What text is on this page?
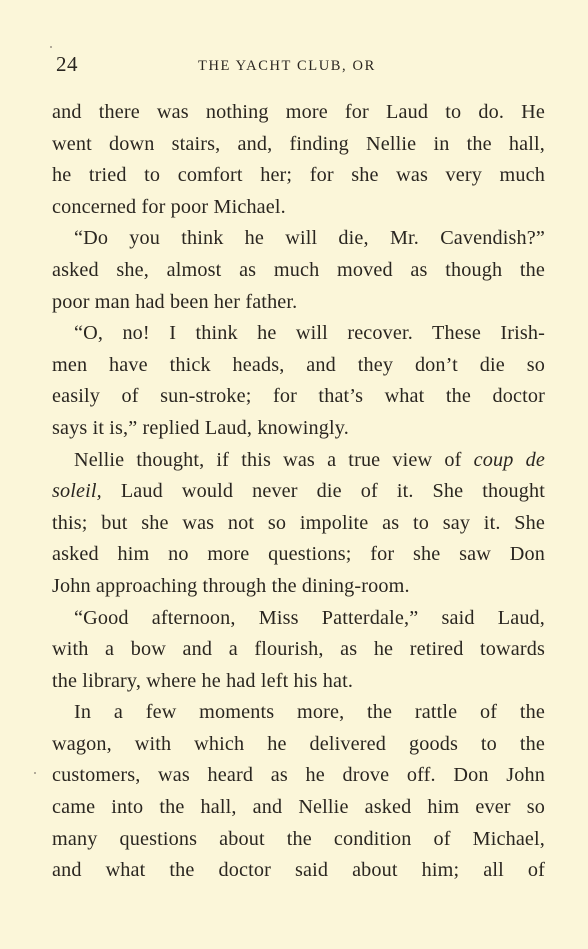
24	THE YACHT CLUB, OR
and there was nothing more for Laud to do. He
went down stairs, and, finding Nellie in the hall,
he tried to comfort her; for she was very much
concerned for poor Michael.
“Do you think he will die, Mr. Cavendish?”
asked she, almost as much moved as though the
poor man had been her father.
“O, no! I think he will recover. These Irish-
men have thick heads, and they don’t die so
easily of sun-stroke; for that’s what the doctor
says it is,” replied Laud, knowingly.
Nellie thought, if this was a true view of coup de
soleil, Laud would never die of it. She thought
this; but she was not so impolite as to say it. She
asked him no more questions; for she saw Don
John approaching through the dining-room.
“Good afternoon, Miss Patterdale,” said Laud,
with a bow and a flourish, as he retired towards
the library, where he had left his hat.
In a few moments more, the rattle of the
wagon, with which he delivered goods to the
customers, was heard as he drove off. Don John
came into the hall, and Nellie asked him ever so
many questions about the condition of Michael,
and what the doctor said about him; all of
